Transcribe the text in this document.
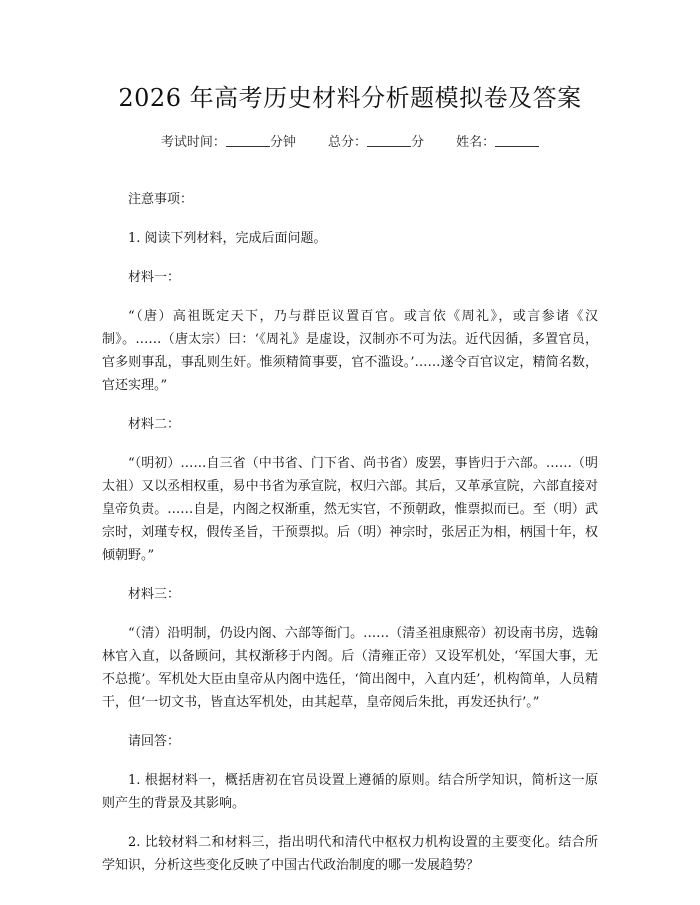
2026 年高考历史材料分析题模拟卷及答案
考试时间：	分钟 总分：	分 姓名：

注意事项：

1. 阅读下列材料，完成后面问题。

材料一：

“（唐）高祖既定天下，乃与群臣议置百官。或言依《周礼》，或言参诸《汉制》。……（唐太宗）曰：‘《周礼》是虚设，汉制亦不可为法。近代因循，多置官员，官多则事乱，事乱则生奸。惟须精简事要，官不滥设。’……遂令百官议定，精简名数，官还实理。”

材料二：

“（明初）……自三省（中书省、门下省、尚书省）废罢，事皆归于六部。……（明太祖）又以丞相权重，易中书省为承宣院，权归六部。其后，又革承宣院，六部直接对皇帝负责。……自是，内阁之权渐重，然无实官，不预朝政，惟票拟而已。至（明）武宗时，刘瑾专权，假传圣旨，干预票拟。后（明）神宗时，张居正为相，柄国十年，权倾朝野。”

材料三：

“（清）沿明制，仍设内阁、六部等衙门。……（清圣祖康熙帝）初设南书房，选翰林官入直，以备顾问，其权渐移于内阁。后（清雍正帝）又设军机处，‘军国大事，无不总揽’。军机处大臣由皇帝从内阁中选任，‘简出阁中，入直内廷’，机构简单，人员精干，但‘一切文书，皆直达军机处，由其起草，皇帝阅后朱批，再发还执行’。”

请回答：

1. 根据材料一，概括唐初在官员设置上遵循的原则。结合所学知识，简析这一原则产生的背景及其影响。

2. 比较材料二和材料三，指出明代和清代中枢权力机构设置的主要变化。结合所学知识，分析这些变化反映了中国古代政治制度的哪一发展趋势？
